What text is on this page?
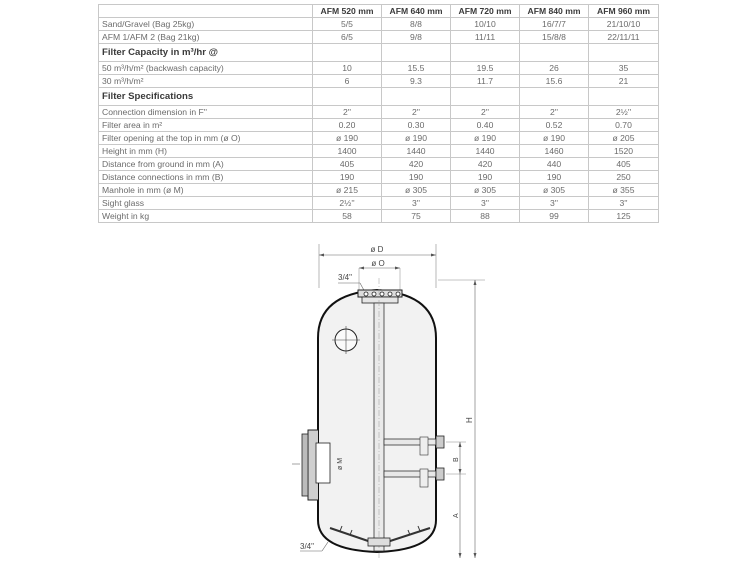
	AFM 520 mm	AFM 640 mm	AFM 720 mm	AFM 840 mm	AFM 960 mm
Sand/Gravel (Bag 25kg)	5/5	8/8	10/10	16/7/7	21/10/10
AFM 1/AFM 2 (Bag 21kg)	6/5	9/8	11/11	15/8/8	22/11/11
Filter Capacity in m³/hr @					
50 m³/h/m² (backwash capacity)	10	15.5	19.5	26	35
30 m³/h/m²	6	9.3	11.7	15.6	21
Filter Specifications					
Connection dimension in F''	2''	2''	2''	2''	2½''
Filter area in m²	0.20	0.30	0.40	0.52	0.70
Filter opening at the top in mm (ø O)	ø 190	ø 190	ø 190	ø 190	ø 205
Height in mm (H)	1400	1440	1440	1460	1520
Distance from ground in mm (A)	405	420	420	440	405
Distance connections in mm (B)	190	190	190	190	250
Manhole in mm (ø M)	ø 215	ø 305	ø 305	ø 305	ø 355
Sight glass	2½''	3''	3''	3''	3''
Weight in kg	58	75	88	99	125
ø D
ø O
3/4"
ø M
3/4"
H
B
A
